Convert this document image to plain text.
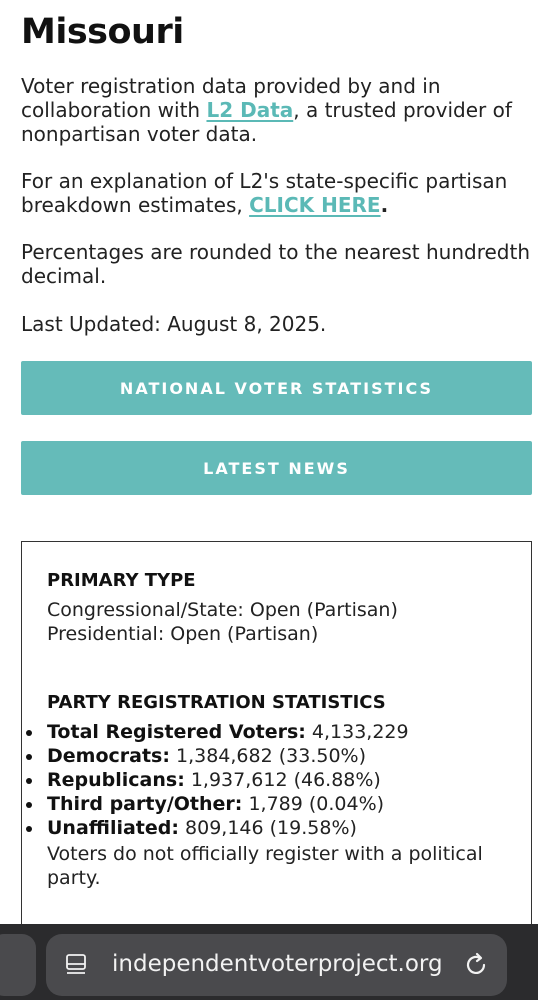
Missouri

Voter registration data provided by and in collaboration with L2 Data, a trusted provider of nonpartisan voter data.

For an explanation of L2's state-specific partisan breakdown estimates, CLICK HERE.

Percentages are rounded to the nearest hundredth decimal.

Last Updated: August 8, 2025.

NATIONAL VOTER STATISTICS
LATEST NEWS
PRIMARY TYPE
Congressional/State: Open (Partisan)
Presidential: Open (Partisan)
PARTY REGISTRATION STATISTICS
Total Registered Voters: 4,133,229
Democrats: 1,384,682 (33.50%)
Republicans: 1,937,612 (46.88%)
Third party/Other: 1,789 (0.04%)
Unaffiliated: 809,146 (19.58%)
Voters do not officially register with a political party.
independentvoterproject.org
